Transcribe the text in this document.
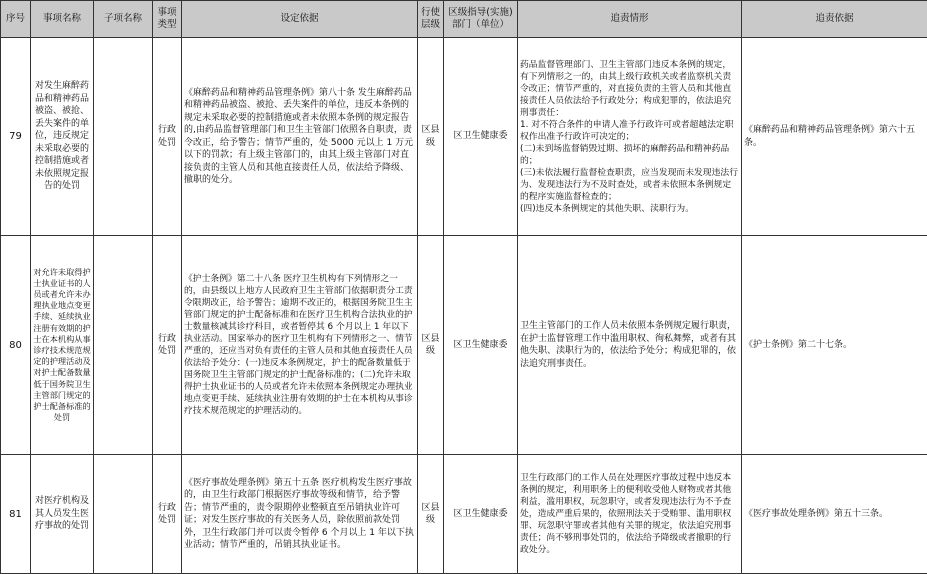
序号	事项名称	子项名称	事项类型	设定依据	行使层级	区级指导(实施)部门（单位）	追责情形	追责依据
79	对发生麻醉药品和精神药品被盗、被抢、丢失案件的单位，违反规定未采取必要的控制措施或者未依照规定报告的处罚		行政处罚	《麻醉药品和精神药品管理条例》第八十条 发生麻醉药品和精神药品被盗、被抢、丢失案件的单位，违反本条例的规定未采取必要的控制措施或者未依照本条例的规定报告的,由药品监督管理部门和卫生主管部门依照各自职责，责令改正，给予警告；情节严重的，处 5000 元以上 1 万元以下的罚款；有上级主管部门的，由其上级主管部门对直接负责的主管人员和其他直接责任人员，依法给予降级、撤职的处分。	区县级	区卫生健康委	药品监督管理部门、卫生主管部门违反本条例的规定，有下列情形之一的，由其上级行政机关或者监察机关责令改正；情节严重的，对直接负责的主管人员和其他直接责任人员依法给予行政处分；构成犯罪的，依法追究刑事责任：
1. 对不符合条件的申请人准予行政许可或者超越法定职权作出准予行政许可决定的；
(二)未到场监督销毁过期、损坏的麻醉药品和精神药品的；
(三)未依法履行监督检查职责，应当发现而未发现违法行为、发现违法行为不及时查处，或者未依照本条例规定的程序实施监督检查的；
(四)违反本条例规定的其他失职、渎职行为。	《麻醉药品和精神药品管理条例》第六十五条。
80	对允许未取得护士执业证书的人员或者允许未办理执业地点变更手续、延续执业注册有效期的护士在本机构从事诊疗技术规范规定的护理活动及对护士配备数量低于国务院卫生主管部门规定的护士配备标准的处罚		行政处罚	《护士条例》第二十八条 医疗卫生机构有下列情形之一的，由县级以上地方人民政府卫生主管部门依据职责分工责令限期改正，给予警告；逾期不改正的，根据国务院卫生主管部门规定的护士配备标准和在医疗卫生机构合法执业的护士数量核减其诊疗科目，或者暂停其 6 个月以上 1 年以下执业活动。国家举办的医疗卫生机构有下列情形之一、情节严重的，还应当对负有责任的主管人员和其他直接责任人员依法给予处分：(一)违反本条例规定，护士的配备数量低于国务院卫生主管部门规定的护士配备标准的；(二)允许未取得护士执业证书的人员或者允许未依照本条例规定办理执业地点变更手续、延续执业注册有效期的护士在本机构从事诊疗技术规范规定的护理活动的。	区县级	区卫生健康委	卫生主管部门的工作人员未依照本条例规定履行职责，在护士监督管理工作中滥用职权、徇私舞弊，或者有其他失职、渎职行为的，依法给予处分；构成犯罪的，依法追究刑事责任。	《护士条例》第二十七条。
81	对医疗机构及其人员发生医疗事故的处罚		行政处罚	《医疗事故处理条例》第五十五条 医疗机构发生医疗事故的，由卫生行政部门根据医疗事故等级和情节，给予警告；情节严重的，责令限期停业整顿直至吊销执业许可证；对发生医疗事故的有关医务人员，除依照前款处罚外，卫生行政部门并可以责令暂停 6 个月以上 1 年以下执业活动；情节严重的，吊销其执业证书。	区县级	区卫生健康委	卫生行政部门的工作人员在处理医疗事故过程中违反本条例的规定，利用职务上的便利收受他人财物或者其他利益，滥用职权，玩忽职守，或者发现违法行为不予查处，造成严重后果的，依照刑法关于受贿罪、滥用职权罪、玩忽职守罪或者其他有关罪的规定，依法追究刑事责任；尚不够刑事处罚的，依法给予降级或者撤职的行政处分。	《医疗事故处理条例》第五十三条。
